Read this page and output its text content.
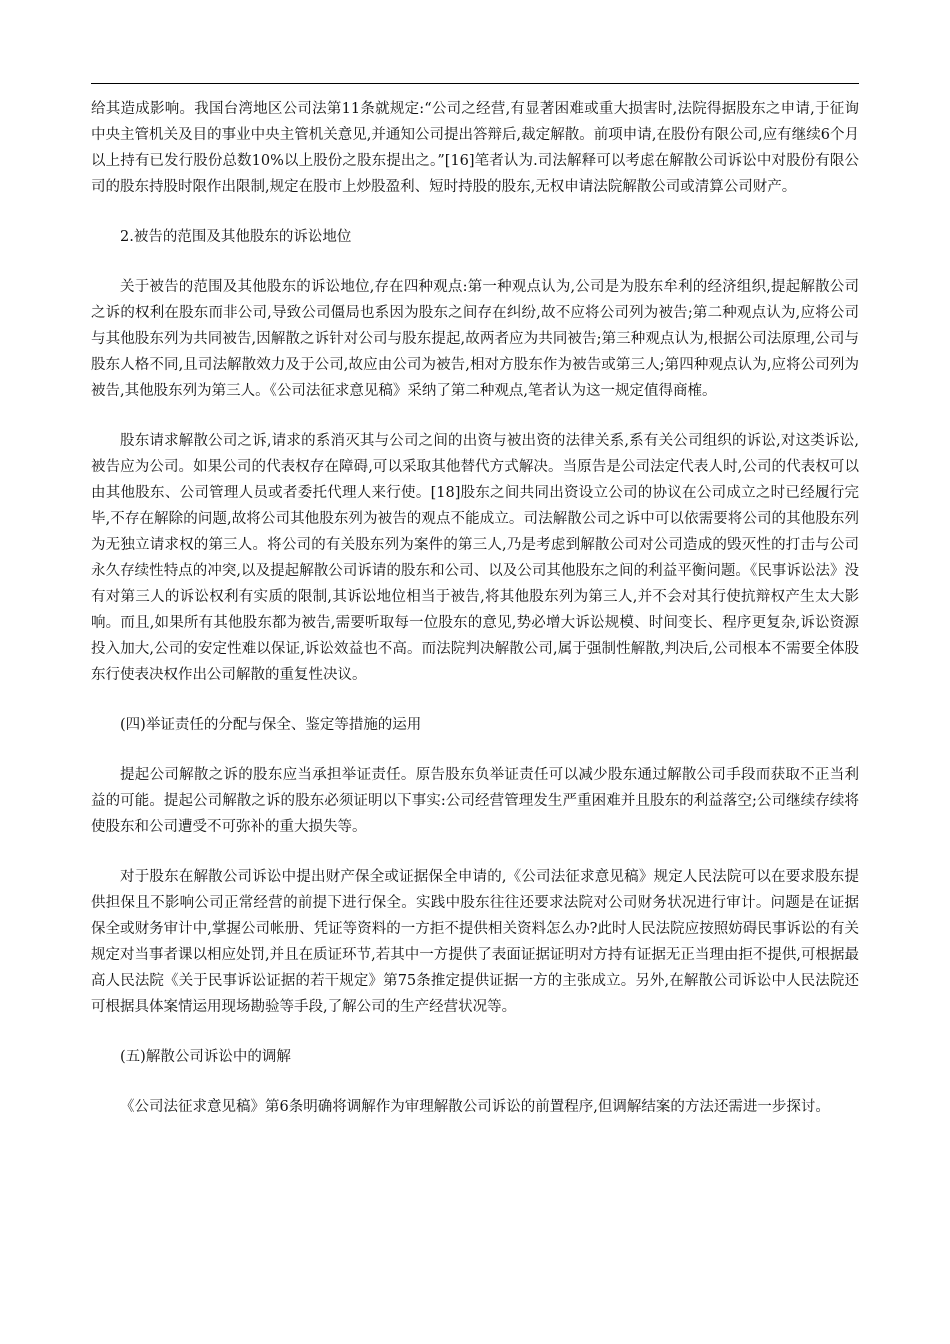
给其造成影响。我国台湾地区公司法第11条就规定:“公司之经营,有显著困难或重大损害时,法院得据股东之申请,于征询中央主管机关及目的事业中央主管机关意见,并通知公司提出答辩后,裁定解散。前项申请,在股份有限公司,应有继续6个月以上持有已发行股份总数10%以上股份之股东提出之。”[16]笔者认为.司法解释可以考虑在解散公司诉讼中对股份有限公司的股东持股时限作出限制,规定在股市上炒股盈利、短时持股的股东,无权申请法院解散公司或清算公司财产。

2.被告的范围及其他股东的诉讼地位

关于被告的范围及其他股东的诉讼地位,存在四种观点:第一种观点认为,公司是为股东牟利的经济组织,提起解散公司之诉的权利在股东而非公司,导致公司僵局也系因为股东之间存在纠纷,故不应将公司列为被告;第二种观点认为,应将公司与其他股东列为共同被告,因解散之诉针对公司与股东提起,故两者应为共同被告;第三种观点认为,根据公司法原理,公司与股东人格不同,且司法解散效力及于公司,故应由公司为被告,相对方股东作为被告或第三人;第四种观点认为,应将公司列为被告,其他股东列为第三人。《公司法征求意见稿》采纳了第二种观点,笔者认为这一规定值得商榷。

股东请求解散公司之诉,请求的系消灭其与公司之间的出资与被出资的法律关系,系有关公司组织的诉讼,对这类诉讼,被告应为公司。如果公司的代表权存在障碍,可以采取其他替代方式解决。当原告是公司法定代表人时,公司的代表权可以由其他股东、公司管理人员或者委托代理人来行使。[18]股东之间共同出资设立公司的协议在公司成立之时已经履行完毕,不存在解除的问题,故将公司其他股东列为被告的观点不能成立。司法解散公司之诉中可以依需要将公司的其他股东列为无独立请求权的第三人。将公司的有关股东列为案件的第三人,乃是考虑到解散公司对公司造成的毁灭性的打击与公司永久存续性特点的冲突,以及提起解散公司诉请的股东和公司、以及公司其他股东之间的利益平衡问题。《民事诉讼法》没有对第三人的诉讼权利有实质的限制,其诉讼地位相当于被告,将其他股东列为第三人,并不会对其行使抗辩权产生太大影响。而且,如果所有其他股东都为被告,需要听取每一位股东的意见,势必增大诉讼规模、时间变长、程序更复杂,诉讼资源投入加大,公司的安定性难以保证,诉讼效益也不高。而法院判决解散公司,属于强制性解散,判决后,公司根本不需要全体股东行使表决权作出公司解散的重复性决议。

(四)举证责任的分配与保全、鉴定等措施的运用

提起公司解散之诉的股东应当承担举证责任。原告股东负举证责任可以减少股东通过解散公司手段而获取不正当利益的可能。提起公司解散之诉的股东必须证明以下事实:公司经营管理发生严重困难并且股东的利益落空;公司继续存续将使股东和公司遭受不可弥补的重大损失等。

对于股东在解散公司诉讼中提出财产保全或证据保全申请的,《公司法征求意见稿》规定人民法院可以在要求股东提供担保且不影响公司正常经营的前提下进行保全。实践中股东往往还要求法院对公司财务状况进行审计。问题是在证据保全或财务审计中,掌握公司帐册、凭证等资料的一方拒不提供相关资料怎么办?此时人民法院应按照妨碍民事诉讼的有关规定对当事者课以相应处罚,并且在质证环节,若其中一方提供了表面证据证明对方持有证据无正当理由拒不提供,可根据最高人民法院《关于民事诉讼证据的若干规定》第75条推定提供证据一方的主张成立。另外,在解散公司诉讼中人民法院还可根据具体案情运用现场勘验等手段,了解公司的生产经营状况等。

(五)解散公司诉讼中的调解

《公司法征求意见稿》第6条明确将调解作为审理解散公司诉讼的前置程序,但调解结案的方法还需进一步探讨。
